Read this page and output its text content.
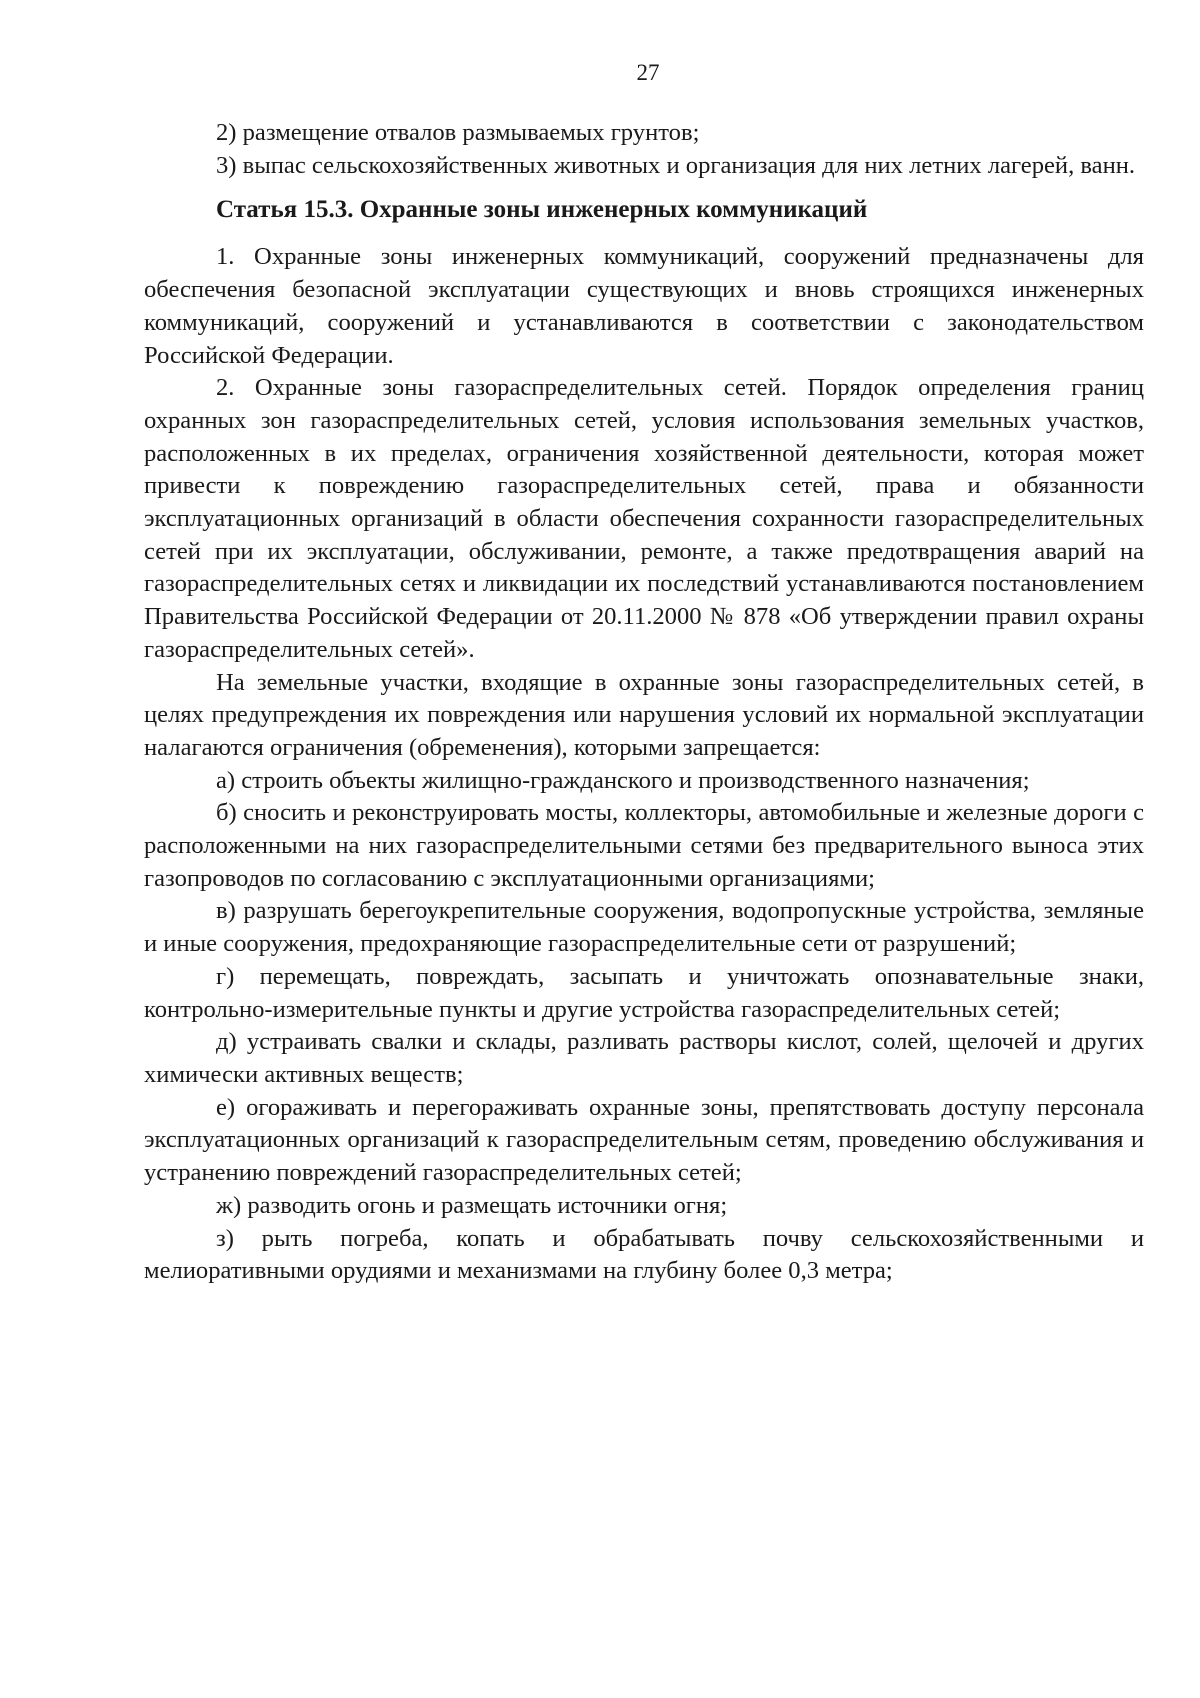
27

2) размещение отвалов размываемых грунтов;

3) выпас сельскохозяйственных животных и организация для них летних лагерей, ванн.

Статья 15.3. Охранные зоны инженерных коммуникаций

1. Охранные зоны инженерных коммуникаций, сооружений предназначены для обеспечения безопасной эксплуатации существующих и вновь строящихся инженерных коммуникаций, сооружений и устанавливаются в соответствии с законодательством Российской Федерации.

2. Охранные зоны газораспределительных сетей. Порядок определения границ охранных зон газораспределительных сетей, условия использования земельных участков, расположенных в их пределах, ограничения хозяйственной деятельности, которая может привести к повреждению газораспределительных сетей, права и обязанности эксплуатационных организаций в области обеспечения сохранности газораспределительных сетей при их эксплуатации, обслуживании, ремонте, а также предотвращения аварий на газораспределительных сетях и ликвидации их последствий устанавливаются постановлением Правительства Российской Федерации от 20.11.2000 № 878 «Об утверждении правил охраны газораспределительных сетей».

На земельные участки, входящие в охранные зоны газораспределительных сетей, в целях предупреждения их повреждения или нарушения условий их нормальной эксплуатации налагаются ограничения (обременения), которыми запрещается:

а) строить объекты жилищно-гражданского и производственного назначения;

б) сносить и реконструировать мосты, коллекторы, автомобильные и железные дороги с расположенными на них газораспределительными сетями без предварительного выноса этих газопроводов по согласованию с эксплуатационными организациями;

в) разрушать берегоукрепительные сооружения, водопропускные устройства, земляные и иные сооружения, предохраняющие газораспределительные сети от разрушений;

г) перемещать, повреждать, засыпать и уничтожать опознавательные знаки, контрольно-измерительные пункты и другие устройства газораспределительных сетей;

д) устраивать свалки и склады, разливать растворы кислот, солей, щелочей и других химически активных веществ;

е) огораживать и перегораживать охранные зоны, препятствовать доступу персонала эксплуатационных организаций к газораспределительным сетям, проведению обслуживания и устранению повреждений газораспределительных сетей;

ж) разводить огонь и размещать источники огня;

з) рыть погреба, копать и обрабатывать почву сельскохозяйственными и мелиоративными орудиями и механизмами на глубину более 0,3 метра;
